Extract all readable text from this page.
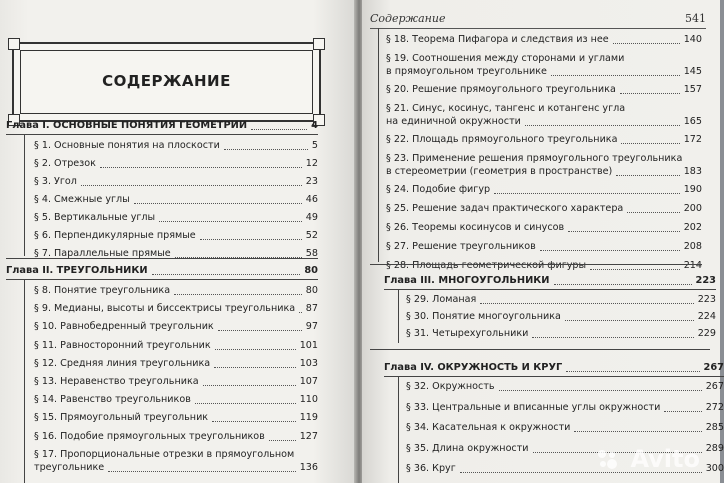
СОДЕРЖАНИЕ
Глава I. ОСНОВНЫЕ ПОНЯТИЯ ГЕОМЕТРИИ	4
§ 1. Основные понятия на плоскости	5
§ 2. Отрезок	12
§ 3. Угол	23
§ 4. Смежные углы	46
§ 5. Вертикальные углы	49
§ 6. Перпендикулярные прямые	52
§ 7. Параллельные прямые	58
Глава II. ТРЕУГОЛЬНИКИ	80
§ 8. Понятие треугольника	80
§ 9. Медианы, высоты и биссектрисы треугольника 87
§ 10. Равнобедренный треугольник	97
§ 11. Равносторонний треугольник	101
§ 12. Средняя линия треугольника	103
§ 13. Неравенство треугольника	107
§ 14. Равенство треугольников	110
§ 15. Прямоугольный треугольник	119
§ 16. Подобие прямоугольных треугольников	127
§ 17. Пропорциональные отрезки в прямоугольном
треугольнике	136
Содержание	541
§ 18. Теорема Пифагора и следствия из нее	140
§ 19. Соотношения между сторонами и углами
в прямоугольном треугольнике	145
§ 20. Решение прямоугольного треугольника	157
§ 21. Синус, косинус, тангенс и котангенс угла
на единичной окружности	165
§ 22. Площадь прямоугольного треугольника	172
§ 23. Применение решения прямоугольного треугольника
в стереометрии (геометрия в пространстве)	183
§ 24. Подобие фигур	190
§ 25. Решение задач практического характера	200
§ 26. Теоремы косинусов и синусов	202
§ 27. Решение треугольников	208
§ 28. Площадь геометрической фигуры	214
Глава III. МНОГОУГОЛЬНИКИ	223
§ 29. Ломаная	223
§ 30. Понятие многоугольника	224
§ 31. Четырехугольники	229
Глава IV. ОКРУЖНОСТЬ И КРУГ	267
§ 32. Окружность	267
§ 33. Центральные и вписанные углы окружности	272
§ 34. Касательная к окружности	285
§ 35. Длина окружности	289
§ 36. Круг	300
Avito
